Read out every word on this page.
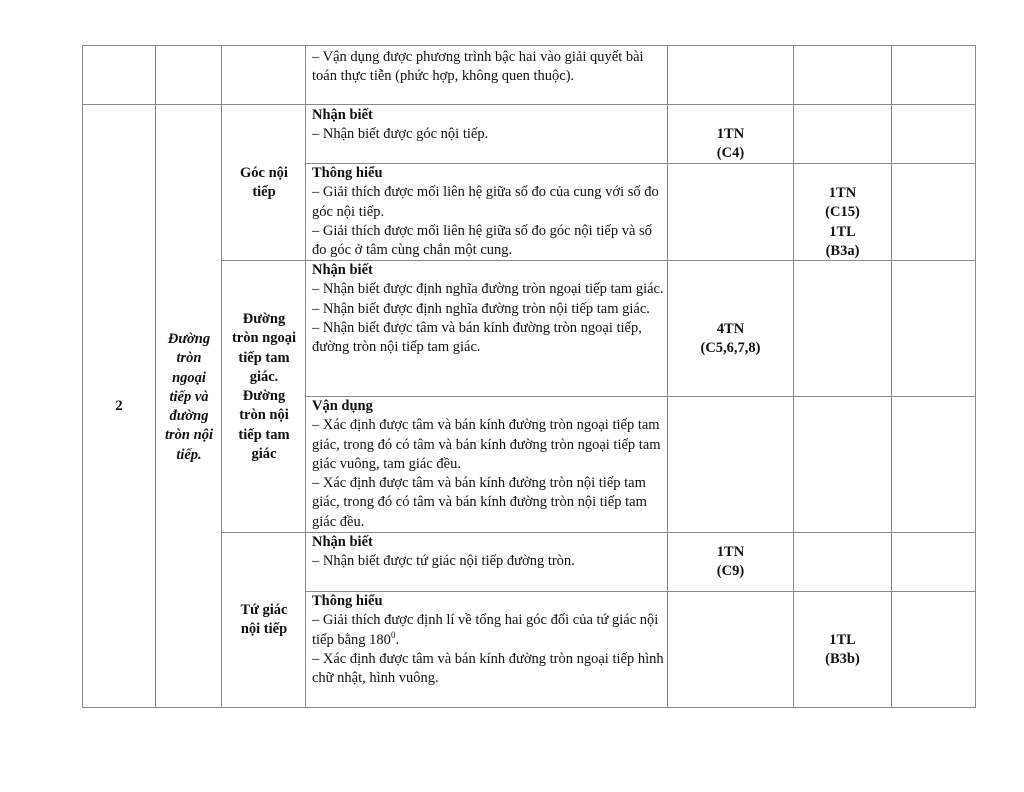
– Vận dụng được phương trình bậc hai vào giải quyết bài toán thực tiễn (phức hợp, không quen thuộc).

2
Đường tròn ngoại tiếp và đường tròn nội tiếp.
Góc nội tiếp
Đường tròn ngoại tiếp tam giác. Đường tròn nội tiếp tam giác
Tứ giác nội tiếp

Nhận biết

– Nhận biết được góc nội tiếp.	1TN
(C4)

Thông hiểu

– Giải thích được mối liên hệ giữa số đo của cung với số đo góc nội tiếp.

– Giải thích được mối liên hệ giữa số đo góc nội tiếp và số đo góc ở tâm cùng chắn một cung.

1TN
(C15)
1TL
(B3a)

Nhận biết

– Nhận biết được định nghĩa đường tròn ngoại tiếp tam giác.

– Nhận biết được định nghĩa đường tròn nội tiếp tam giác.

– Nhận biết được tâm và bán kính đường tròn ngoại tiếp, đường tròn nội tiếp tam giác.

4TN
(C5,6,7,8)

Vận dụng

– Xác định được tâm và bán kính đường tròn ngoại tiếp tam giác, trong đó có tâm và bán kính đường tròn ngoại tiếp tam giác vuông, tam giác đều.

– Xác định được tâm và bán kính đường tròn nội tiếp tam giác, trong đó có tâm và bán kính đường tròn nội tiếp tam giác đều.

Nhận biết

– Nhận biết được tứ giác nội tiếp đường tròn.

1TN
(C9)

Thông hiểu

– Giải thích được định lí về tổng hai góc đối của tứ giác nội tiếp bằng $180^0$.

– Xác định được tâm và bán kính đường tròn ngoại tiếp hình chữ nhật, hình vuông.

1TL
(B3b)
